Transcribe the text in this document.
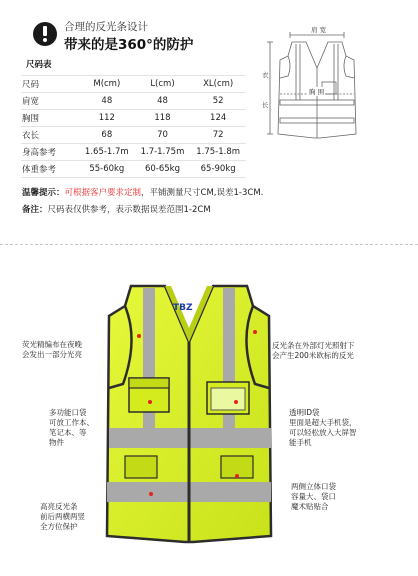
合理的反光条设计
带来的是360°的防护
尺码表
尺码	M(cm)	L(cm)	XL(cm)
肩宽	48	48	52
胸围	112	118	124
衣长	68	70	72
身高参考	1.65-1.7m	1.7-1.75m	1.75-1.8m
体重参考	55-60kg	60-65kg	65-90kg
温馨提示：可根据客户要求定制，平铺测量尺寸CM,误差1-3CM.
备注：尺码表仅供参考，表示数据误差范围1-2CM
肩 宽
衣
长
胸 围
TBZ
荧光精编布在夜晚
会发出一部分光亮
反光条在外部灯光照射下
会产生200米欧标的反光
多功能口袋
可放工作本、
笔记本、等
物件
透明ID袋
里面是超大手机袋，
可以轻松放入大屏智
能手机
两侧立体口袋
容量大、袋口
魔术贴贴合
高亮反光条
前后两横两竖
全方位保护
